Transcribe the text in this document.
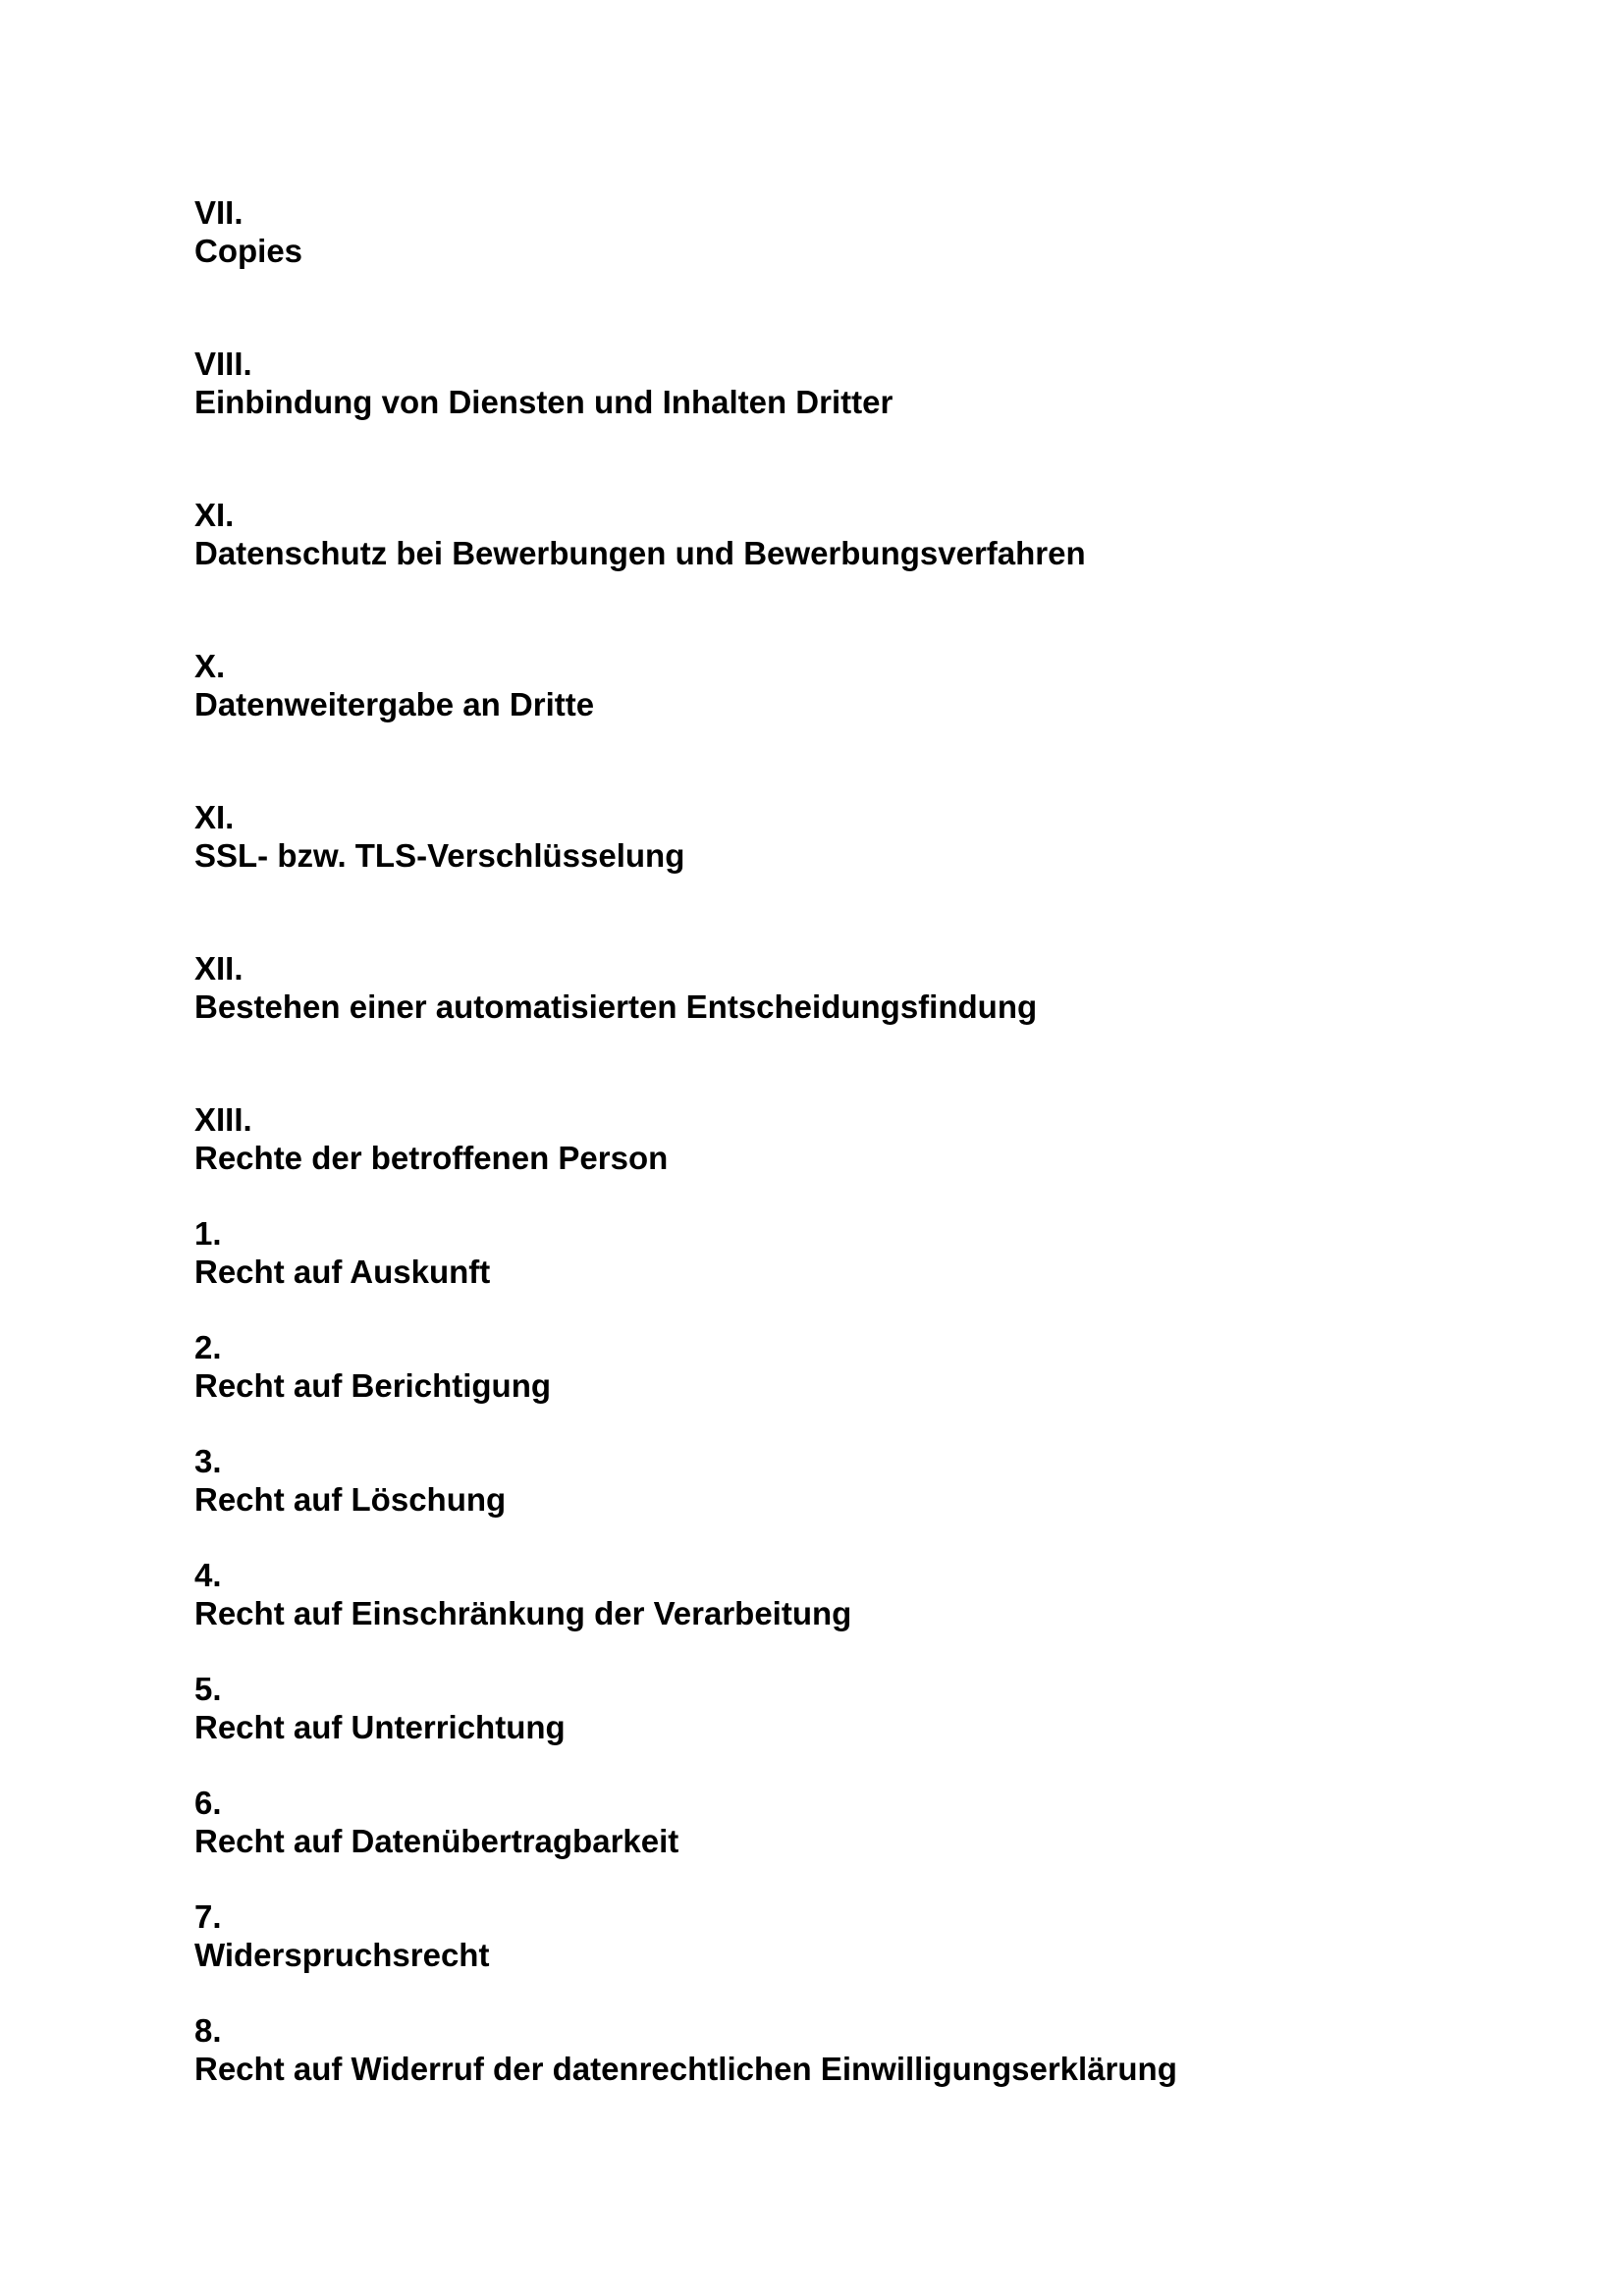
VII.
Copies
VIII.
Einbindung von Diensten und Inhalten Dritter
XI.
Datenschutz bei Bewerbungen und Bewerbungsverfahren
X.
Datenweitergabe an Dritte
XI.
SSL- bzw. TLS-Verschlüsselung
XII.
Bestehen einer automatisierten Entscheidungsfindung
XIII.
Rechte der betroffenen Person
1.
Recht auf Auskunft
2.
Recht auf Berichtigung
3.
Recht auf Löschung
4.
Recht auf Einschränkung der Verarbeitung
5.
Recht auf Unterrichtung
6.
Recht auf Datenübertragbarkeit
7.
Widerspruchsrecht
8.
Recht auf Widerruf der datenrechtlichen Einwilligungserklärung
